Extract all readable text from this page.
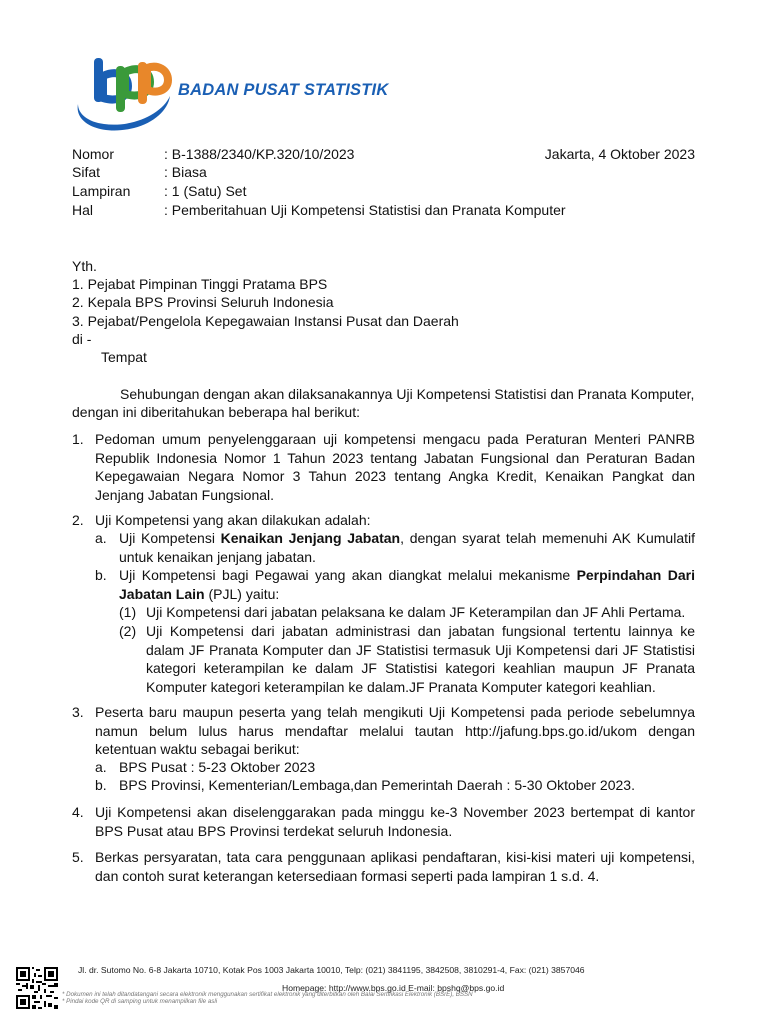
BADAN PUSAT STATISTIK
Nomor	: B-1388/2340/KP.320/10/2023	Jakarta, 4 Oktober 2023
Sifat	: Biasa
Lampiran : 1 (Satu) Set
Hal	: Pemberitahuan Uji Kompetensi Statistisi dan Pranata Komputer
Yth.
1. Pejabat Pimpinan Tinggi Pratama BPS
2. Kepala BPS Provinsi Seluruh Indonesia
3. Pejabat/Pengelola Kepegawaian Instansi Pusat dan Daerah
di -
Tempat
Sehubungan dengan akan dilaksanakannya Uji Kompetensi Statistisi dan Pranata Komputer,
dengan ini diberitahukan beberapa hal berikut:
1. Pedoman umum penyelenggaraan uji kompetensi mengacu pada Peraturan Menteri PANRB Republik Indonesia Nomor 1 Tahun 2023 tentang Jabatan Fungsional dan Peraturan Badan Kepegawaian Negara Nomor 3 Tahun 2023 tentang Angka Kredit, Kenaikan Pangkat dan Jenjang Jabatan Fungsional.
2. Uji Kompetensi yang akan dilakukan adalah:
a. Uji Kompetensi Kenaikan Jenjang Jabatan, dengan syarat telah memenuhi AK Kumulatif untuk kenaikan jenjang jabatan.
b. Uji Kompetensi bagi Pegawai yang akan diangkat melalui mekanisme Perpindahan Dari Jabatan Lain (PJL) yaitu:
(1) Uji Kompetensi dari jabatan pelaksana ke dalam JF Keterampilan dan JF Ahli Pertama.
(2) Uji Kompetensi dari jabatan administrasi dan jabatan fungsional tertentu lainnya ke dalam JF Pranata Komputer dan JF Statistisi termasuk Uji Kompetensi dari JF Statistisi kategori keterampilan ke dalam JF Statistisi kategori keahlian maupun JF Pranata Komputer kategori keterampilan ke dalam.JF Pranata Komputer kategori keahlian.
3. Peserta baru maupun peserta yang telah mengikuti Uji Kompetensi pada periode sebelumnya namun belum lulus harus mendaftar melalui tautan http://jafung.bps.go.id/ukom dengan ketentuan waktu sebagai berikut:
a. BPS Pusat : 5-23 Oktober 2023
b. BPS Provinsi, Kementerian/Lembaga,dan Pemerintah Daerah : 5-30 Oktober 2023.
4. Uji Kompetensi akan diselenggarakan pada minggu ke-3 November 2023 bertempat di kantor BPS Pusat atau BPS Provinsi terdekat seluruh Indonesia.
5. Berkas persyaratan, tata cara penggunaan aplikasi pendaftaran, kisi-kisi materi uji kompetensi, dan contoh surat keterangan ketersediaan formasi seperti pada lampiran 1 s.d. 4.
Jl. dr. Sutomo No. 6-8 Jakarta 10710, Kotak Pos 1003 Jakarta 10010, Telp: (021) 3841195, 3842508, 3810291-4, Fax: (021) 3857046
Homepage: http://www.bps.go.id E-mail: bpshq@bps.go.id
* Dokumen ini telah ditandatangani secara elektronik menggunakan sertifikat elektronik yang diterbitkan oleh Balai Sertifikasi Elektronik (BSrE), BSSN
* Pindai kode QR di samping untuk menampilkan file asli
